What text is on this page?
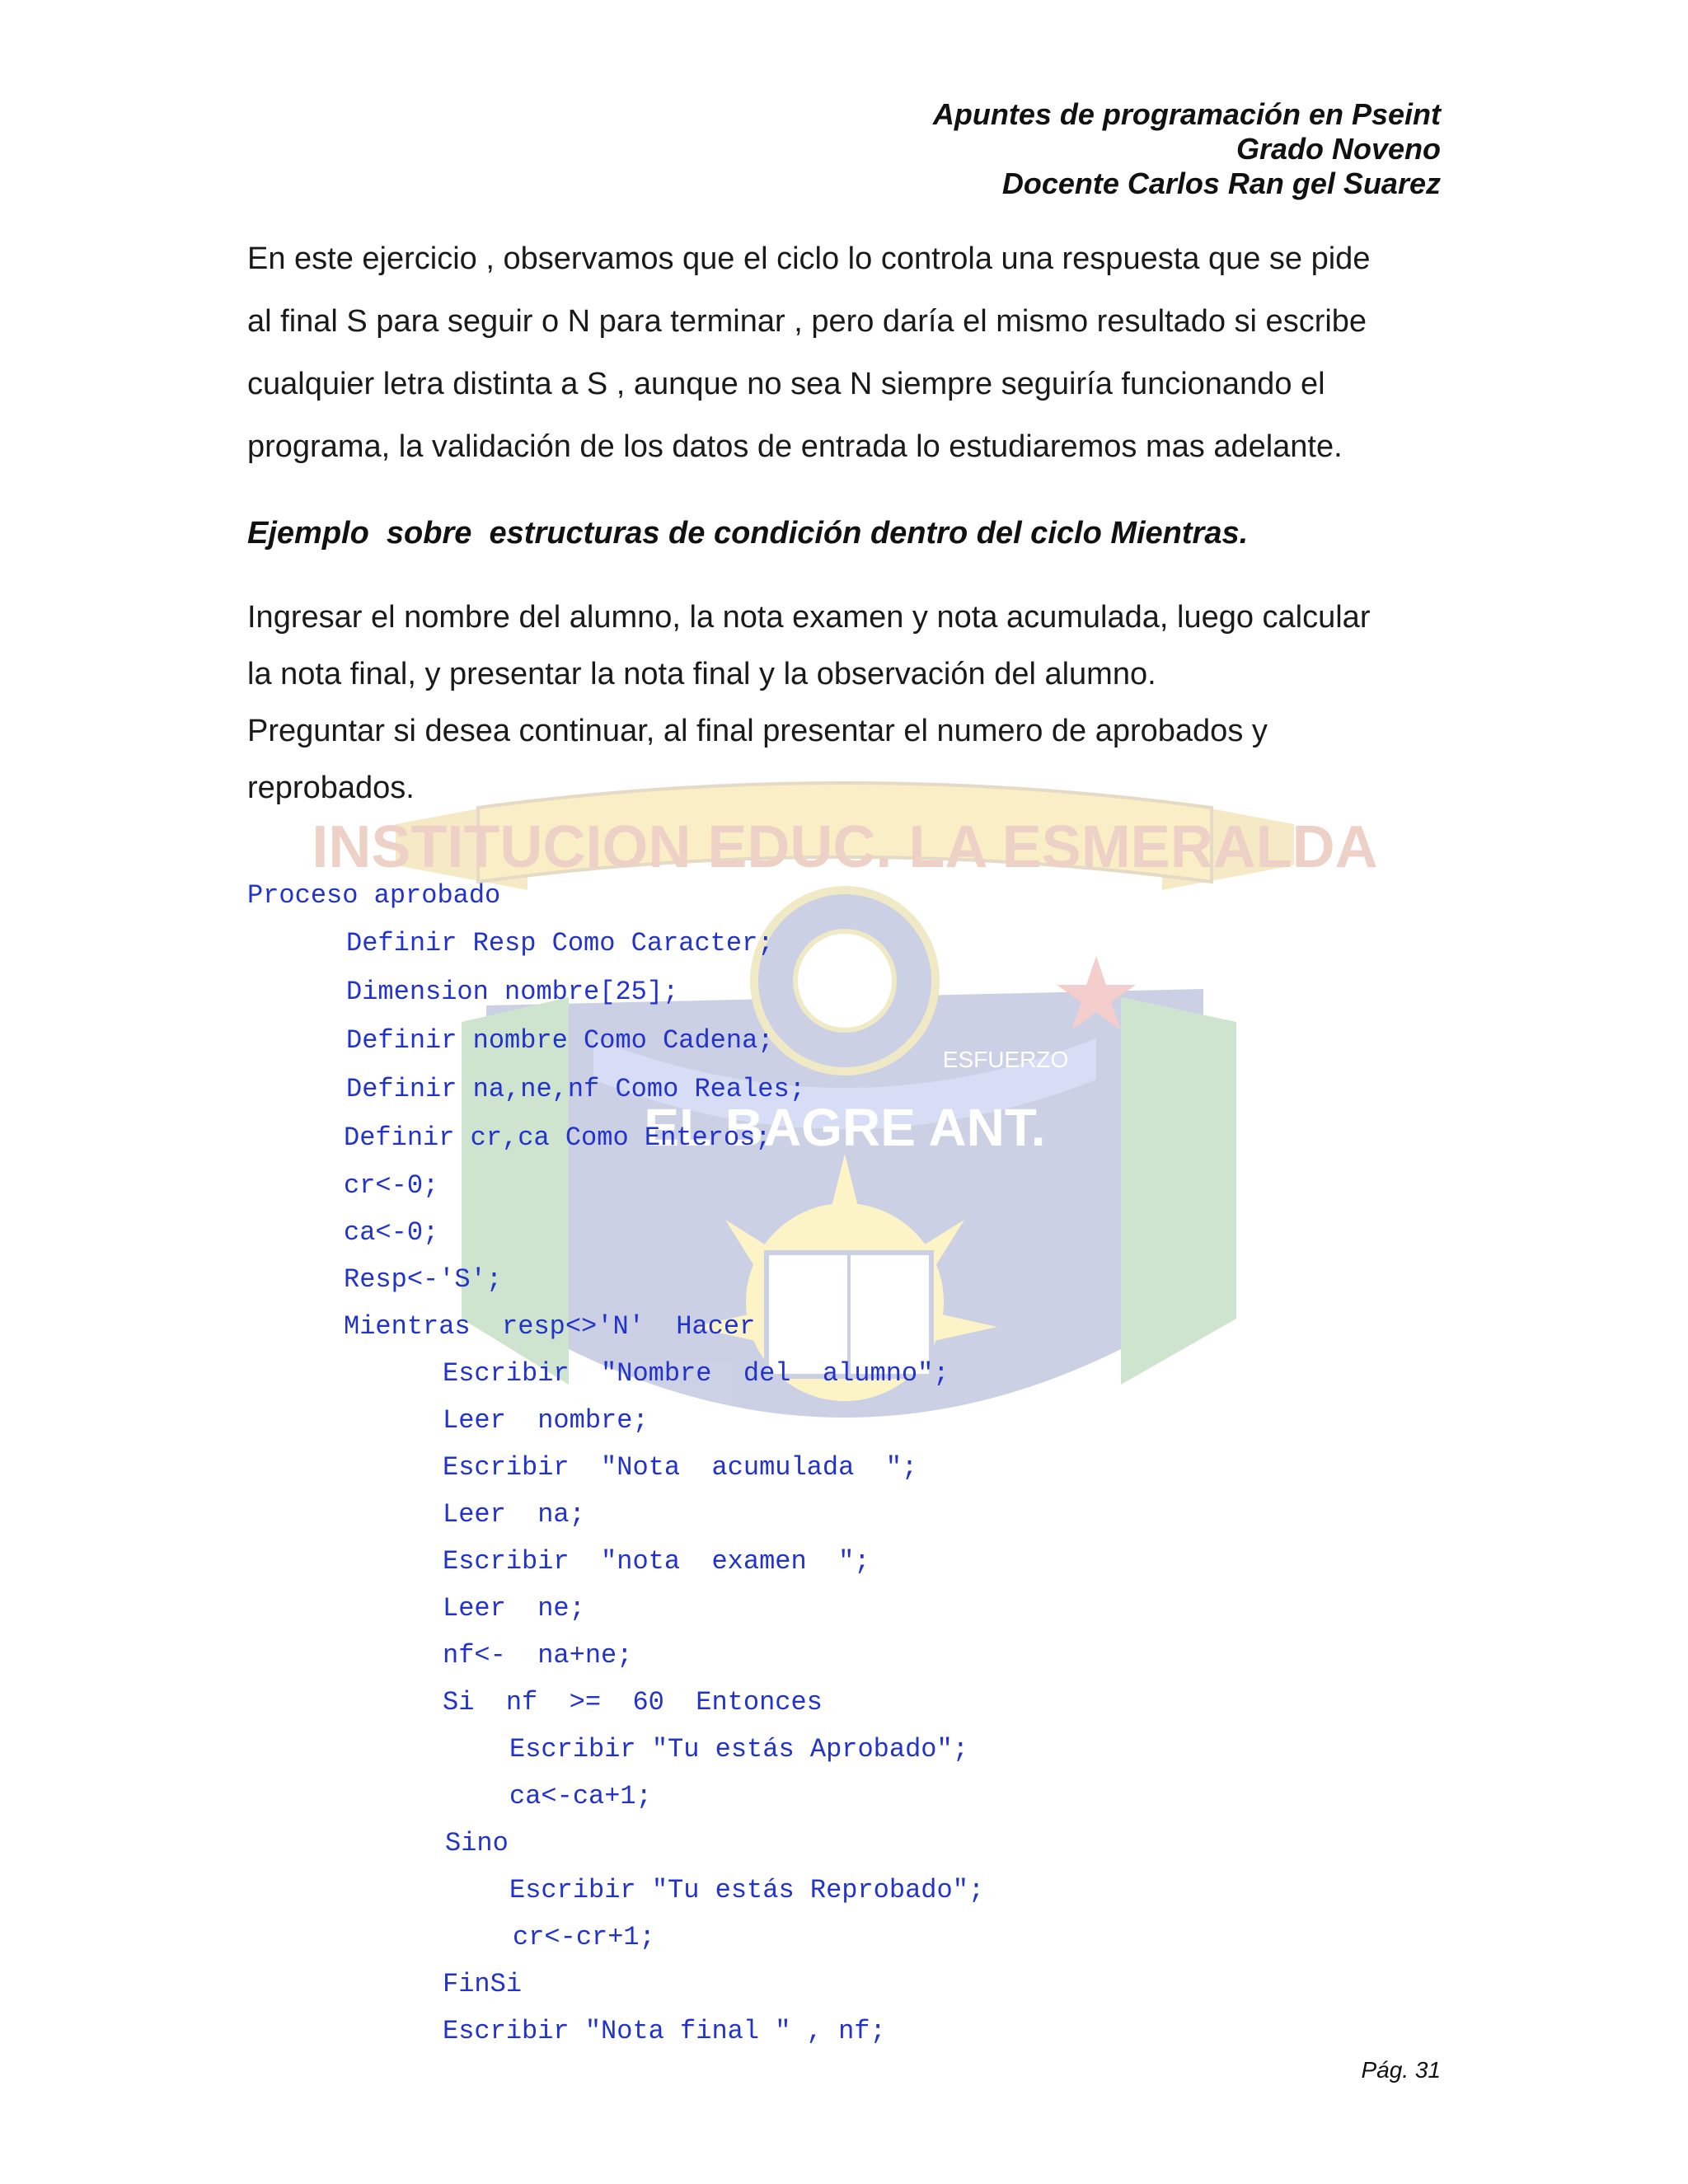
Apuntes de programación en Pseint
Grado Noveno
Docente Carlos Ran gel Suarez
En este ejercicio , observamos que el ciclo lo controla una respuesta que se pide
al final S para seguir o N para terminar , pero daría el mismo resultado si escribe
cualquier letra distinta a S , aunque no sea N siempre seguiría funcionando el
programa, la validación de los datos de entrada lo estudiaremos mas adelante.
Ejemplo  sobre  estructuras de condición dentro del ciclo Mientras.
Ingresar el nombre del alumno, la nota examen y nota acumulada, luego calcular
la nota final, y presentar la nota final y la observación del alumno.
Preguntar si desea continuar, al final presentar el numero de aprobados y
reprobados.
INSTITUCION EDUC. LA ESMERALDA
ESFUERZO
EL BAGRE ANT.
Proceso aprobado
Definir Resp Como Caracter;
Dimension nombre[25];
Definir nombre Como Cadena;
Definir na,ne,nf Como Reales;
Definir cr,ca Como Enteros;
cr<-0;
ca<-0;
Resp<-'S';
Mientras  resp<>'N'  Hacer
Escribir  "Nombre  del  alumno";
Leer  nombre;
Escribir  "Nota  acumulada  ";
Leer  na;
Escribir  "nota  examen  ";
Leer  ne;
nf<-  na+ne;
Si  nf  >=  60  Entonces
Escribir "Tu estás Aprobado";
ca<-ca+1;
Sino
Escribir "Tu estás Reprobado";
cr<-cr+1;
FinSi
Escribir "Nota final " , nf;
Pág. 31
